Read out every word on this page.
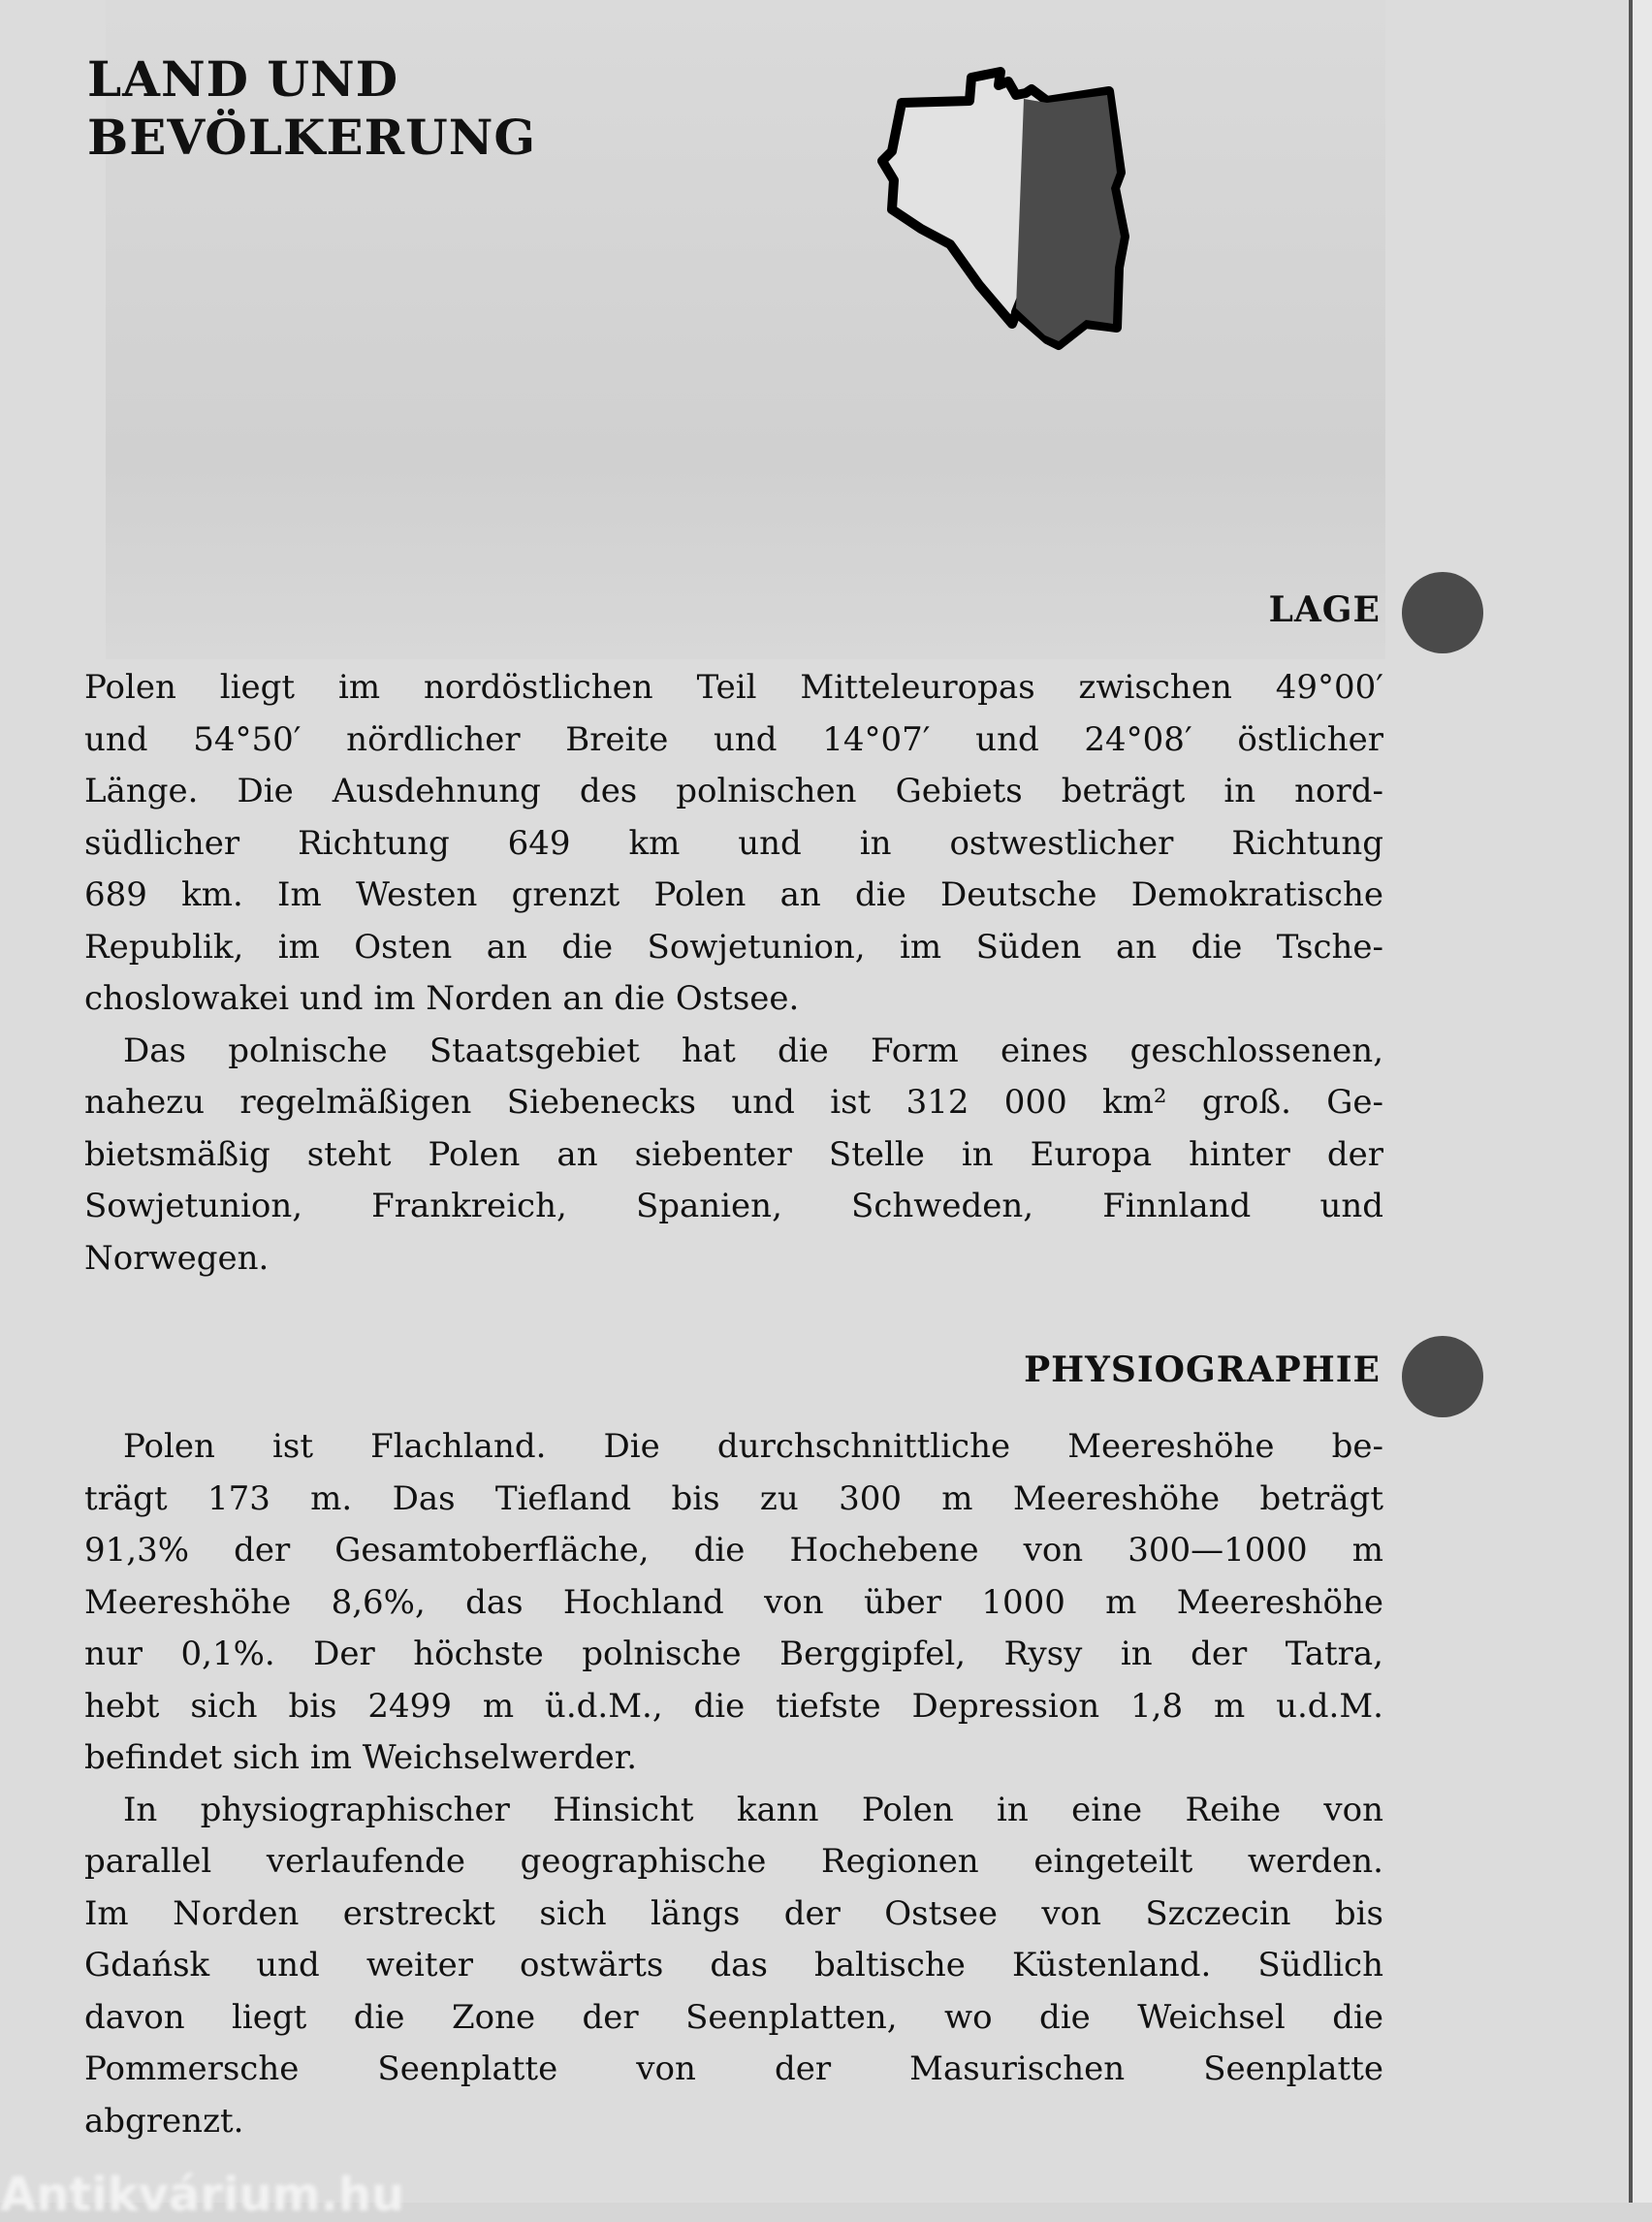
LAND UND
BEVÖLKERUNG
LAGE
Polen liegt im nordöstlichen Teil Mitteleuropas zwischen 49°00′
und 54°50′ nördlicher Breite und 14°07′ und 24°08′ östlicher
Länge. Die Ausdehnung des polnischen Gebiets beträgt in nord-
südlicher Richtung 649 km und in ostwestlicher Richtung
689 km. Im Westen grenzt Polen an die Deutsche Demokratische
Republik, im Osten an die Sowjetunion, im Süden an die Tsche-
choslowakei und im Norden an die Ostsee.
Das polnische Staatsgebiet hat die Form eines geschlossenen,
nahezu regelmäßigen Siebenecks und ist 312 000 km² groß. Ge-
bietsmäßig steht Polen an siebenter Stelle in Europa hinter der
Sowjetunion, Frankreich, Spanien, Schweden, Finnland und
Norwegen.
PHYSIOGRAPHIE
Polen ist Flachland. Die durchschnittliche Meereshöhe be-
trägt 173 m. Das Tiefland bis zu 300 m Meereshöhe beträgt
91,3% der Gesamtoberfläche, die Hochebene von 300—1000 m
Meereshöhe 8,6%, das Hochland von über 1000 m Meereshöhe
nur 0,1%. Der höchste polnische Berggipfel, Rysy in der Tatra,
hebt sich bis 2499 m ü.d.M., die tiefste Depression 1,8 m u.d.M.
befindet sich im Weichselwerder.
In physiographischer Hinsicht kann Polen in eine Reihe von
parallel verlaufende geographische Regionen eingeteilt werden.
Im Norden erstreckt sich längs der Ostsee von Szczecin bis
Gdańsk und weiter ostwärts das baltische Küstenland. Südlich
davon liegt die Zone der Seenplatten, wo die Weichsel die
Pommersche Seenplatte von der Masurischen Seenplatte
abgrenzt.
Antikvárium.hu
